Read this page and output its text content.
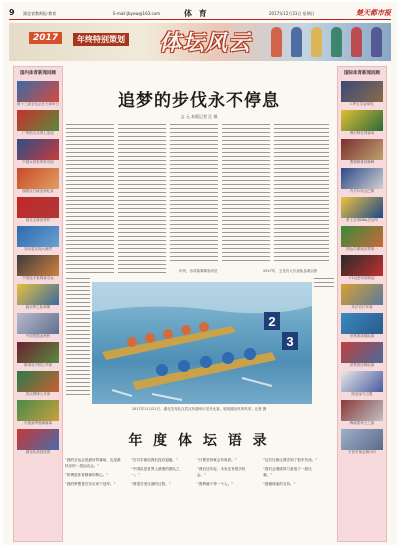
9 湖北省教师报·教育	E-mail:jbyxw@163.com	体 育	2017年12月31日 星期日	楚天都市报
2017	年终特别策划 体坛风云
国内体育新闻回顾
第十三届全运会在天津举行
广州恒大实现七连冠
中国女排世界杯夺冠
谢震业打破亚洲纪录
国足无缘世界杯
刘诗雯实现大满贯
中国选手世锦赛夺金
跳水梦之队称霸
中国男篮亚洲杯
斯诺克中国公开赛
武汉网球公开赛
中超赛季圆满落幕
湖北队再创佳绩
国际体育新闻回顾
C罗五夺金球奖
博尔特告别赛场
费德勒重回巅峰
内马尔转会巴黎
勇士夺得NBA总冠军
纳达尔重返世界第一
F1汉密尔顿四冠
环法自行车赛
世界游泳锦标赛
世界田径锦标赛
欧冠皇马卫冕
梅威瑟拳王之战
平昌冬奥会倒计时
追梦的步伐永不停息
文 元 本版记者 汪 敏
年终，各项赛事精彩纷呈	2017年，五龙舟人代表队参赛合影
2
3
2017年11月21日，湖北龙舟队在武汉东湖举行龙舟比赛，展现湖北体育风采。记者 摄
年 度 体 坛 语 录

“我的全运会是最好的赛场，也是最快乐的一届运动会。”

“拼搏是体育精神的核心。”

“我的梦想是在东京拿下冠军。”

“在对手面前我们没有退缩。”

“中国队是世界上最强的团队之一。”

“我很享受比赛的过程。”

“只要坚持就会有收获。”

“我们还年轻，未来还有很多机会。”

“胜利属于每一个人。”

“这次比赛让我学到了很多东西。”

“我们会继续努力备战下一届比赛。”

“感谢球迷的支持。”
